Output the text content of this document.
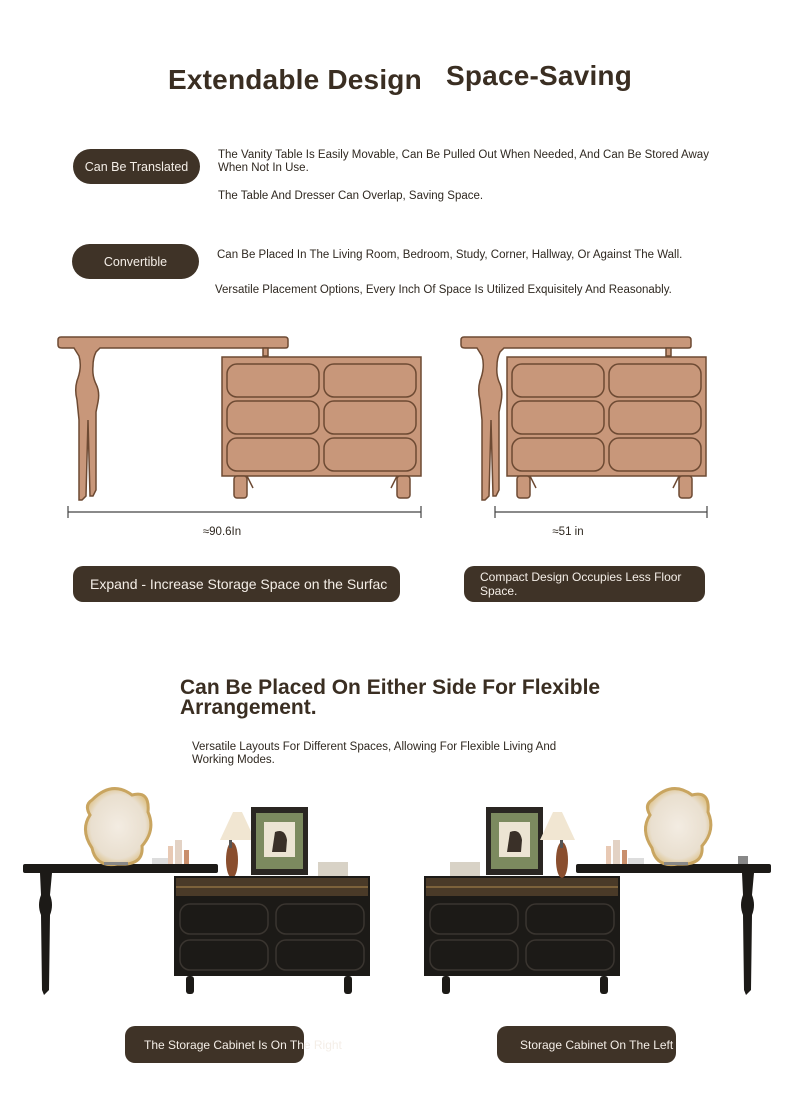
Extendable Design Space-Saving
Can Be Translated
The Vanity Table Is Easily Movable, Can Be Pulled Out When Needed, And Can Be Stored Away When Not In Use.
The Table And Dresser Can Overlap, Saving Space.
Convertible	Can Be Placed In The Living Room, Bedroom, Study, Corner, Hallway, Or Against The Wall.
Versatile Placement Options, Every Inch Of Space Is Utilized Exquisitely And Reasonably.
≈90.6In	≈51 in
Expand - Increase Storage Space on the Surfac	Compact Design Occupies Less Floor Space.
Can Be Placed On Either Side For Flexible Arrangement.
Versatile Layouts For Different Spaces, Allowing For Flexible Living And Working Modes.
The Storage Cabinet Is On The Right	Storage Cabinet On The Left
